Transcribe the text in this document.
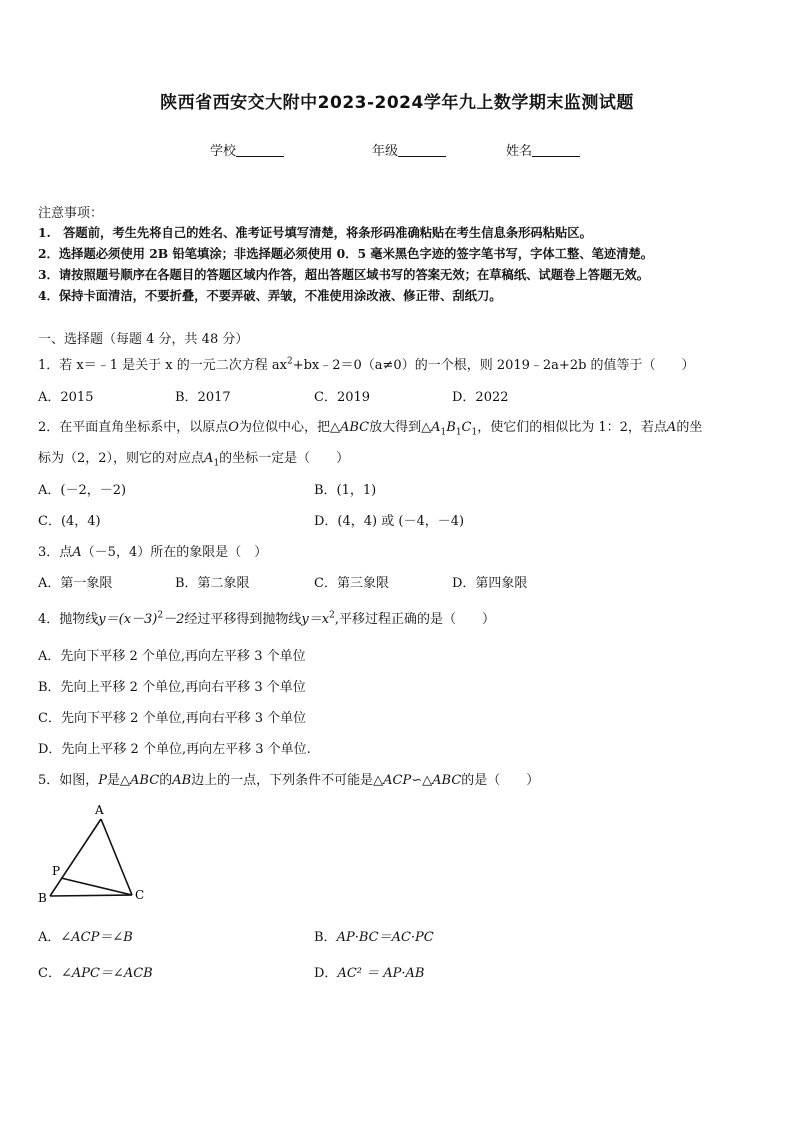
陕西省西安交大附中2023-2024学年九上数学期末监测试题
学校	年级	姓名
注意事项：
1.　答题前，考生先将自己的姓名、准考证号填写清楚，将条形码准确粘贴在考生信息条形码粘贴区。
2．选择题必须使用 2B 铅笔填涂；非选择题必须使用 0．5 毫米黑色字迹的签字笔书写，字体工整、笔迹清楚。
3．请按照题号顺序在各题目的答题区域内作答，超出答题区域书写的答案无效；在草稿纸、试题卷上答题无效。
4．保持卡面清洁，不要折叠，不要弄破、弄皱，不准使用涂改液、修正带、刮纸刀。
一、选择题（每题 4 分，共 48 分）
1．若 x＝﹣1 是关于 x 的一元二次方程 $ax^2+bx﹣2=0(a\ne 0)$的一个根，则 2019﹣2a+2b 的值等于（　　）
A．2015	B．2017	C．2019	D．2022
2．在平面直角坐标系中，以原点O为位似中心，把△ABC放大得到$\triangle A_1B_1C_1$，使它们的相似比为 1：2，若点A的坐
标为（2，2），则它的对应点$A_1$的坐标一定是（　　）
A．(－2，－2)	B．(1，1)
C．(4，4)	D．(4，4) 或 (－4，－4)
3．点A（－5，4）所在的象限是（　）
A．第一象限	B．第二象限	C．第三象限	D．第四象限
4．抛物线$y=(x-3)^2-2$经过平移得到抛物线$y=x^2$,平移过程正确的是（　　）
A．先向下平移 2 个单位,再向左平移 3 个单位
B．先向上平移 2 个单位,再向右平移 3 个单位
C．先向下平移 2 个单位,再向右平移 3 个单位
D．先向上平移 2 个单位,再向左平移 3 个单位.
5．如图，P是△ABC的AB边上的一点，下列条件不可能是△ACP∽△ABC的是（　　）
A
P
B	C
A．∠ACP＝∠B	B．AP·BC＝AC·PC
C．∠APC＝∠ACB	D．AC² ＝ AP·AB
